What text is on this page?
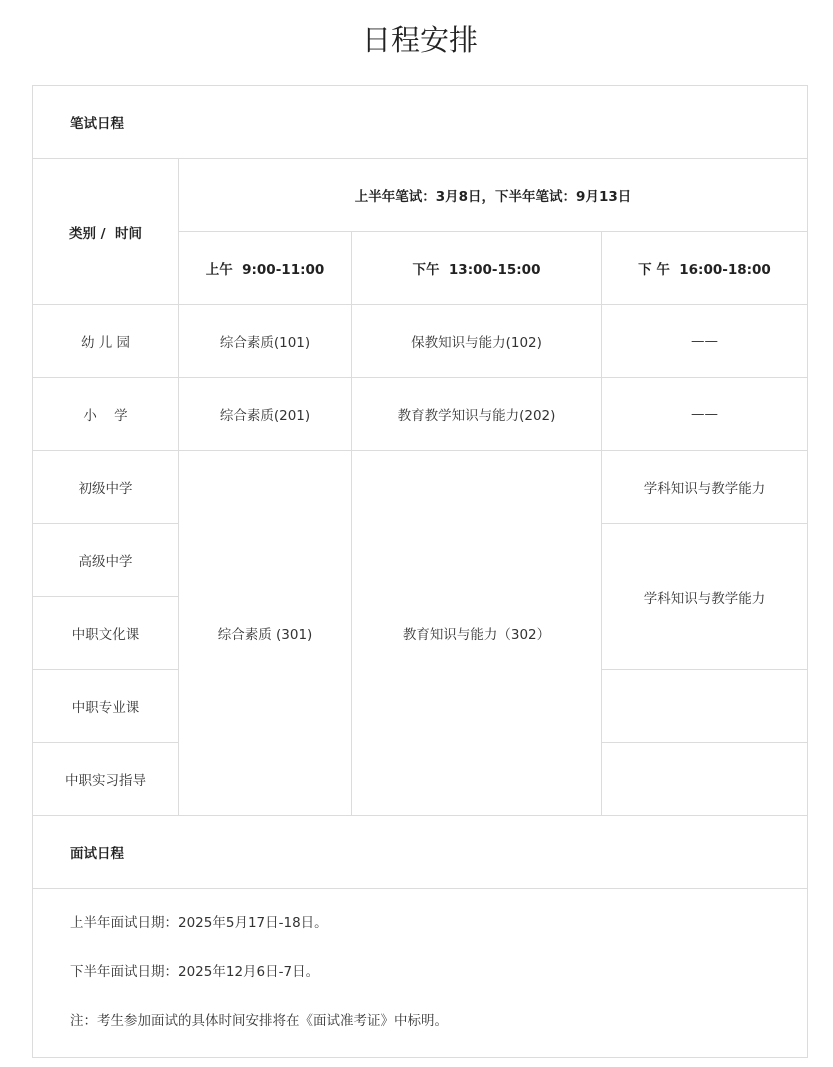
日程安排
笔试日程			
类别 /  时间	上半年笔试：3月8日，下半年笔试：9月13日		
	上午  9:00-11:00	下午  13:00-15:00	下 午  16:00-18:00
幼 儿 园	综合素质(101)	保教知识与能力(102)	——
小    学	综合素质(201)	教育教学知识与能力(202)	——
初级中学	综合素质 (301)	教育知识与能力（302）	学科知识与教学能力
高级中学			学科知识与教学能力
中职文化课			
中职专业课			
中职实习指导			
面试日程			

上半年面试日期：2025年5月17日-18日。

下半年面试日期：2025年12月6日-7日。

注：考生参加面试的具体时间安排将在《面试准考证》中标明。			
